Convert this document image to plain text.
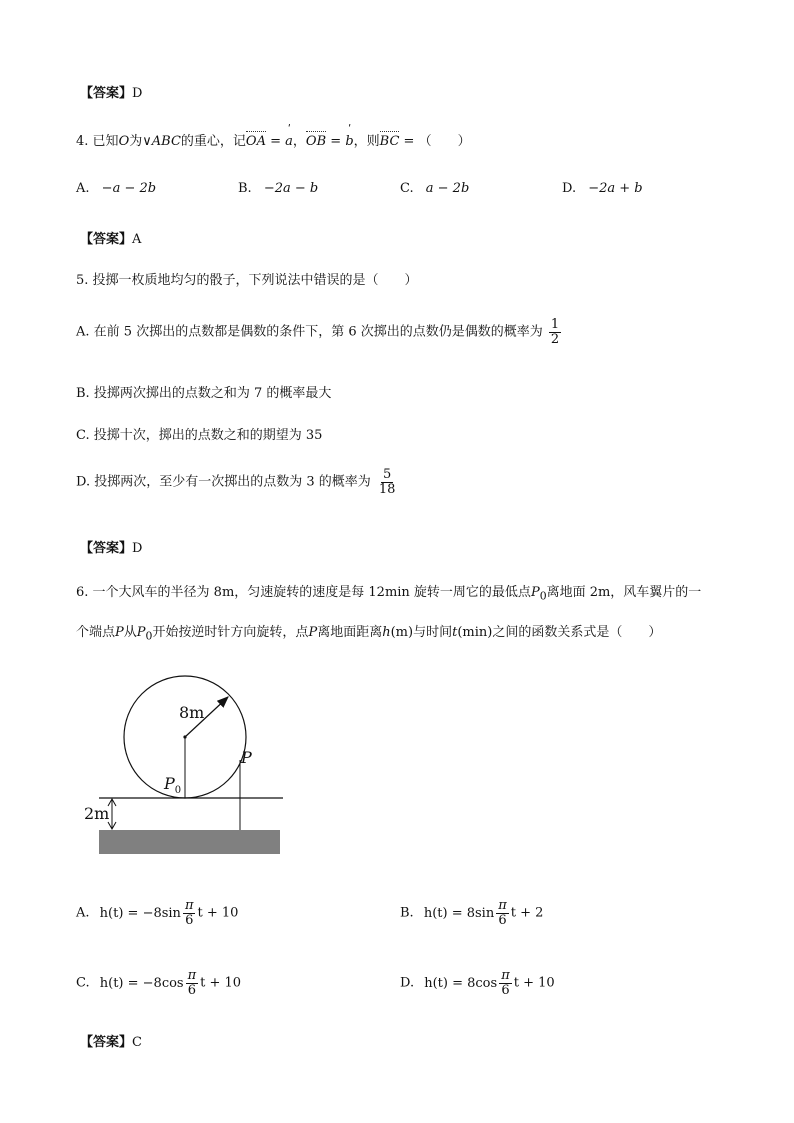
【答案】D
4. 已知O为∨ABC的重心，记OA = ˈ a，OB = ˈ b，则BC = （　　）
A. −a − 2b	B. −2a − b	C. a − 2b	D. −2a + b
【答案】A
5. 投掷一枚质地均匀的骰子，下列说法中错误的是（　　）
A. 在前 5 次掷出的点数都是偶数的条件下，第 6 次掷出的点数仍是偶数的概率为 $\frac{1}{2}$
B. 投掷两次掷出的点数之和为 7 的概率最大
C. 投掷十次，掷出的点数之和的期望为 35
D. 投掷两次，至少有一次掷出的点数为 3 的概率为 $\frac{5}{18}$
【答案】D
6. 一个大风车的半径为 8m，匀速旋转的速度是每 12min 旋转一周它的最低点$P_0$离地面 2m，风车翼片的一
个端点P从$P_0$开始按逆时针方向旋转，点P离地面距离h(m)与时间t(min)之间的函数关系式是（　　）
8m
P
$P_0$
2m
A. $h(t) = -8\sin \frac{\pi}{6}$ t + 10	B. $h(t) = 8\sin \frac{\pi}{6}$ t + 2
C. $h(t) = -8\cos \frac{\pi}{6}$ t + 10	D. $h(t) = 8\cos \frac{\pi}{6}$ t + 10
【答案】C
